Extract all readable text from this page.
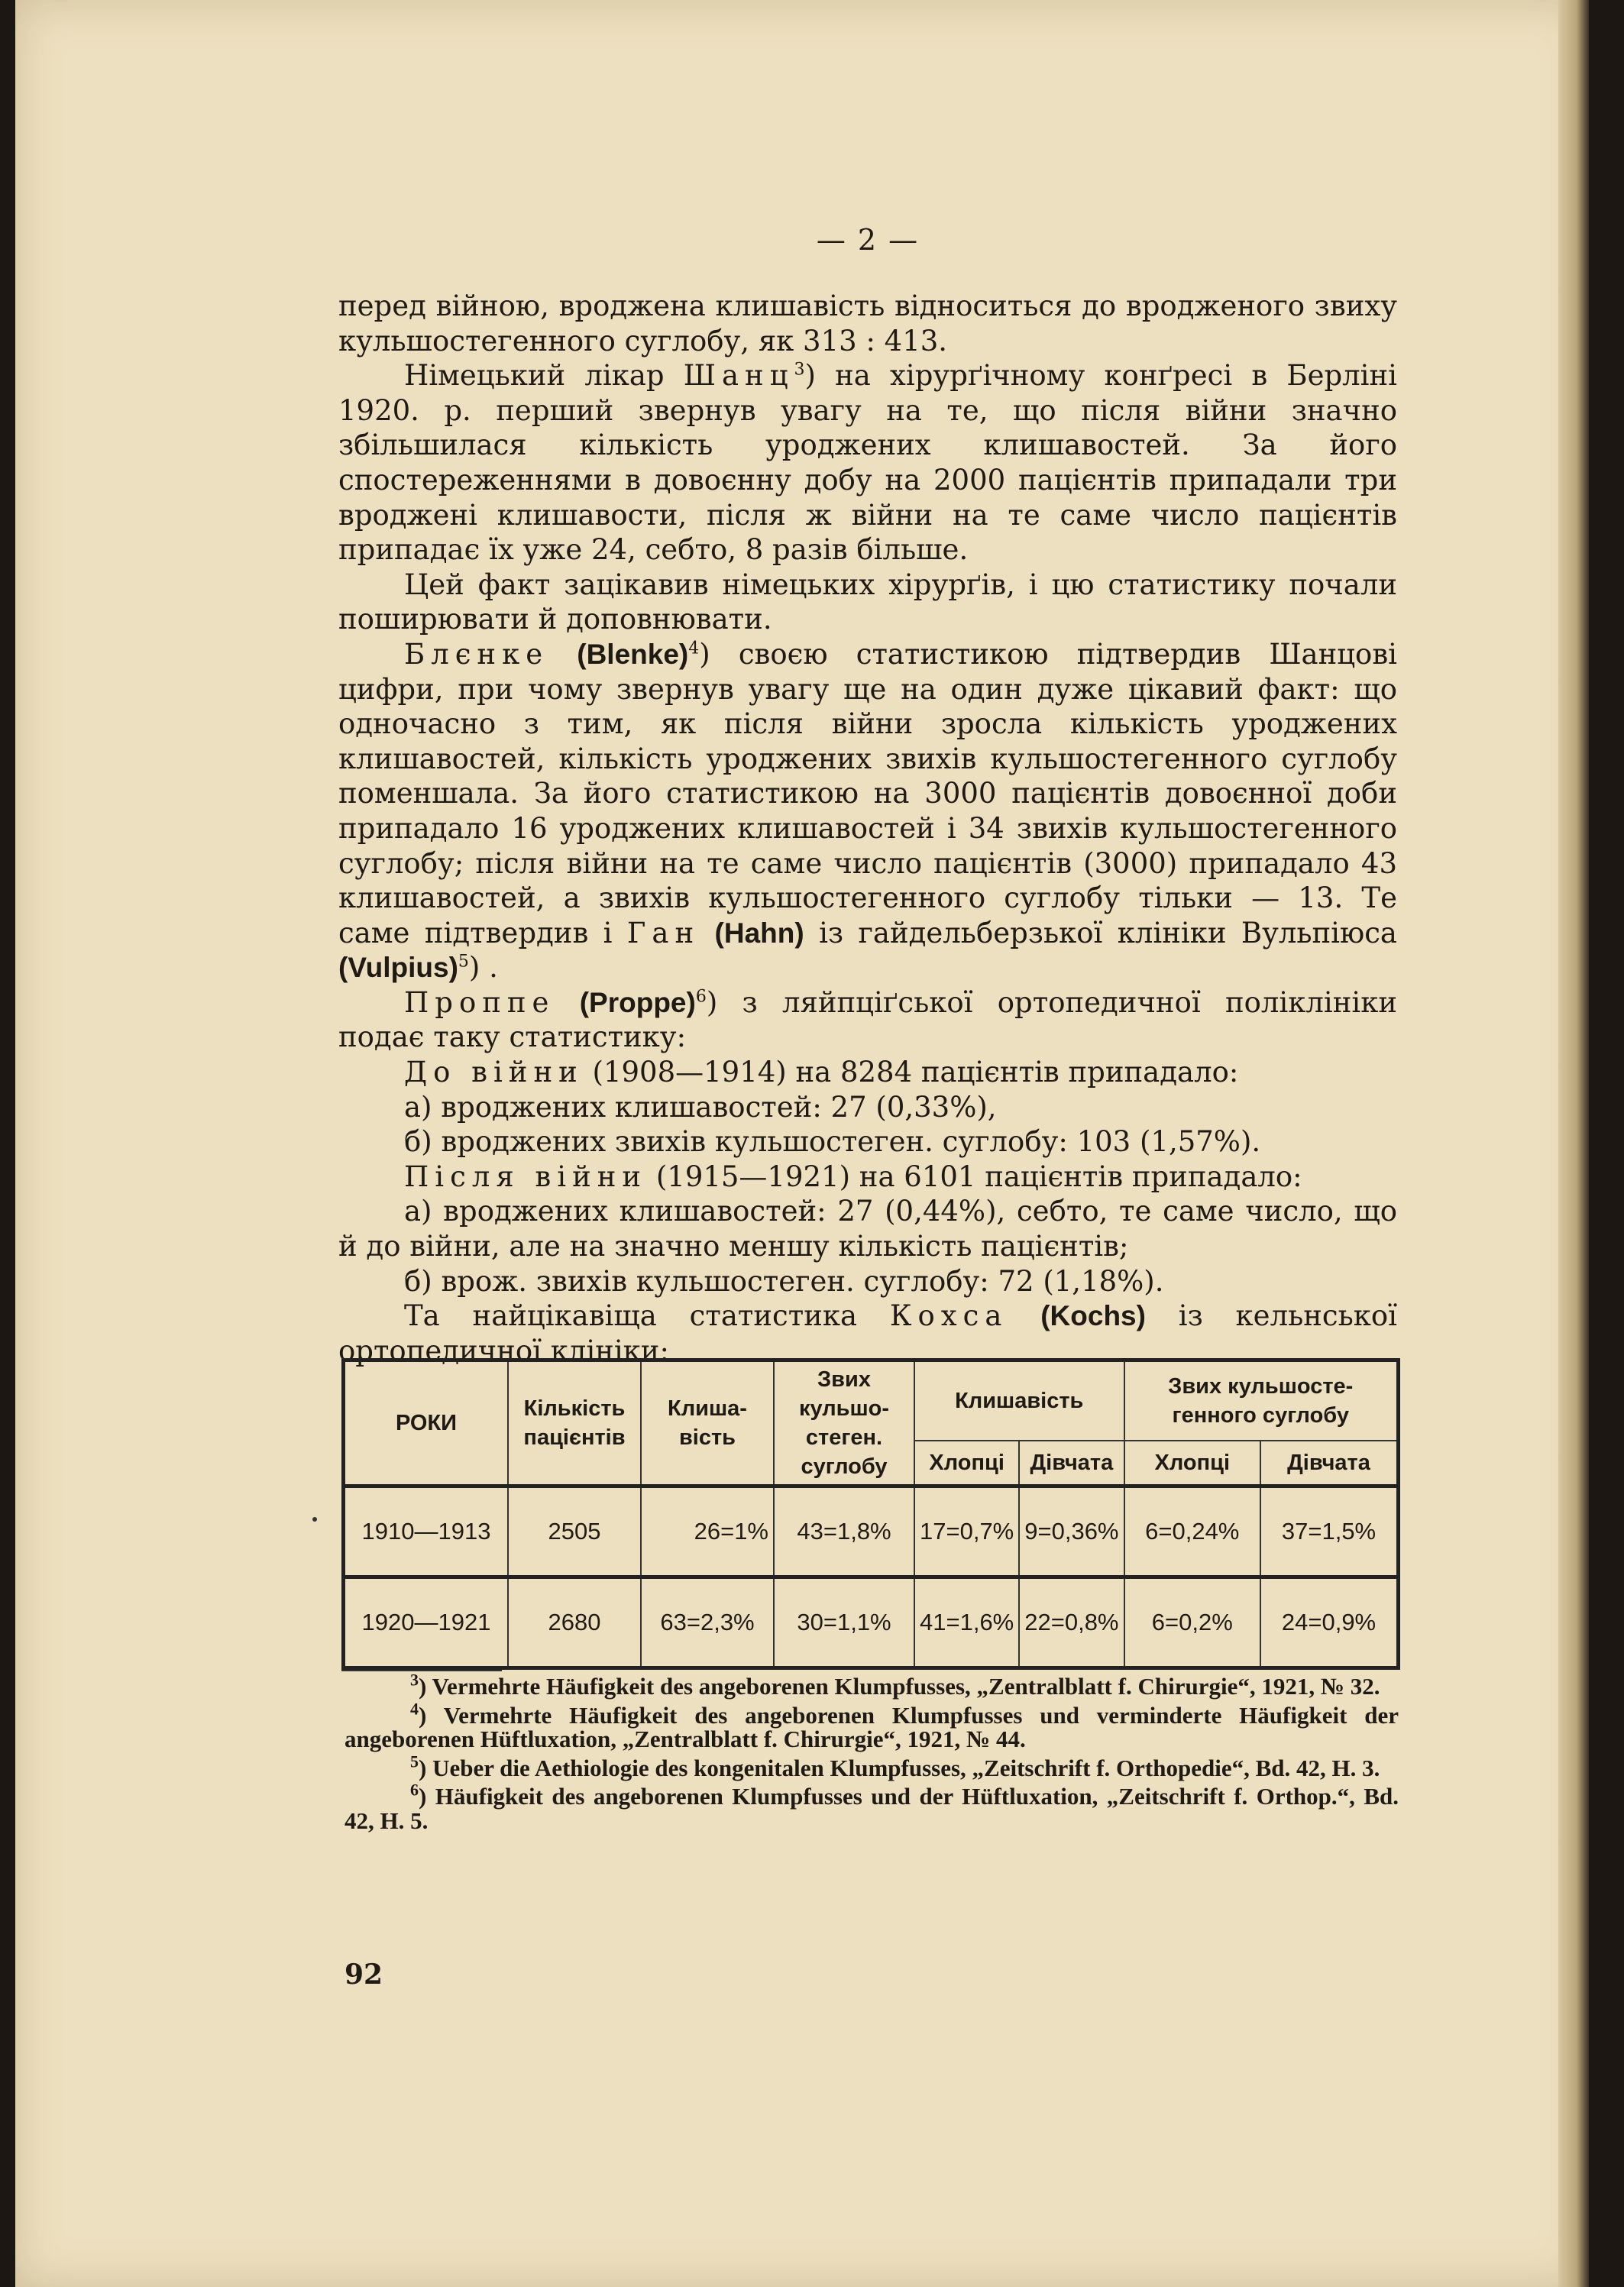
— 2 —

перед війною, вроджена клишавість відноситься до вродженого звиху кульшостегенного суглобу, як 313 : 413.

Німецький лікар Шанц$^3$) на хірурґічному конґресі в Берліні 1920. р. перший звернув увагу на те, що після війни значно збільшилася кількість уроджених клишавостей. За його спостереженнями в довоєнну добу на 2000 пацієнтів припадали три вроджені клишавости, після ж війни на те саме число пацієнтів припадає їх уже 24, себто, 8 разів більше.

Цей факт зацікавив німецьких хірурґів, і цю статистику почали поширювати й доповнювати.

Блєнке (Blenke)$^4$) своєю статистикою підтвердив Шанцові цифри, при чому звернув увагу ще на один дуже цікавий факт: що одночасно з тим, як після війни зросла кількість уроджених клишавостей, кількість уроджених звихів кульшостегенного суглобу поменшала. За його статистикою на 3000 пацієнтів довоєнної доби припадало 16 уроджених клишавостей і 34 звихів кульшостегенного суглобу; після війни на те саме число пацієнтів (3000) припадало 43 клишавостей, а звихів кульшостегенного суглобу тільки — 13. Те саме підтвердив і Ган (Hahn) із гайдельберзької клініки Вульпіюса (Vulpius)$^5$) .

Проппе (Proppe)$^6$) з ляйпціґської ортопедичної поліклініки подає таку статистику:

До війни (1908—1914) на 8284 пацієнтів припадало:

а) вроджених клишавостей: 27 (0,33%),

б) вроджених звихів кульшостеген. суглобу: 103 (1,57%).

Після війни (1915—1921) на 6101 пацієнтів припадало:

а) вроджених клишавостей: 27 (0,44%), себто, те саме число, що й до війни, але на значно меншу кількість пацієнтів;

б) врож. звихів кульшостеген. суглобу: 72 (1,18%).

Та найцікавіща статистика Кохса (Kochs) із кельнської ортопедичної клініки:

РОКИ	Кількість пацієнтів	Клиша-вість	Звих кульшо-стеген. суглобу	Клишавість		Звих кульшосте-генного суглобу	
				Хлопці	Дівчата	Хлопці	Дівчата
1910—1913	2505	26=1%	43=1,8%	17=0,7%	9=0,36%	6=0,24%	37=1,5%
1920—1921	2680	63=2,3%	30=1,1%	41=1,6%	22=0,8%	6=0,2%	24=0,9%

$^3$) Vermehrte Häufigkeit des angeborenen Klumpfusses, „Zentralblatt f. Chirurgie“, 1921, № 32.

$^4$) Vermehrte Häufigkeit des angeborenen Klumpfusses und verminderte Häufigkeit der angeborenen Hüftluxation, „Zentralblatt f. Chirurgie“, 1921, № 44.

$^5$) Ueber die Aethiologie des kongenitalen Klumpfusses, „Zeitschrift f. Orthopedie“, Bd. 42, H. 3.

$^6$) Häufigkeit des angeborenen Klumpfusses und der Hüftluxation, „Zeitschrift f. Orthop.“, Bd. 42, H. 5.

92
